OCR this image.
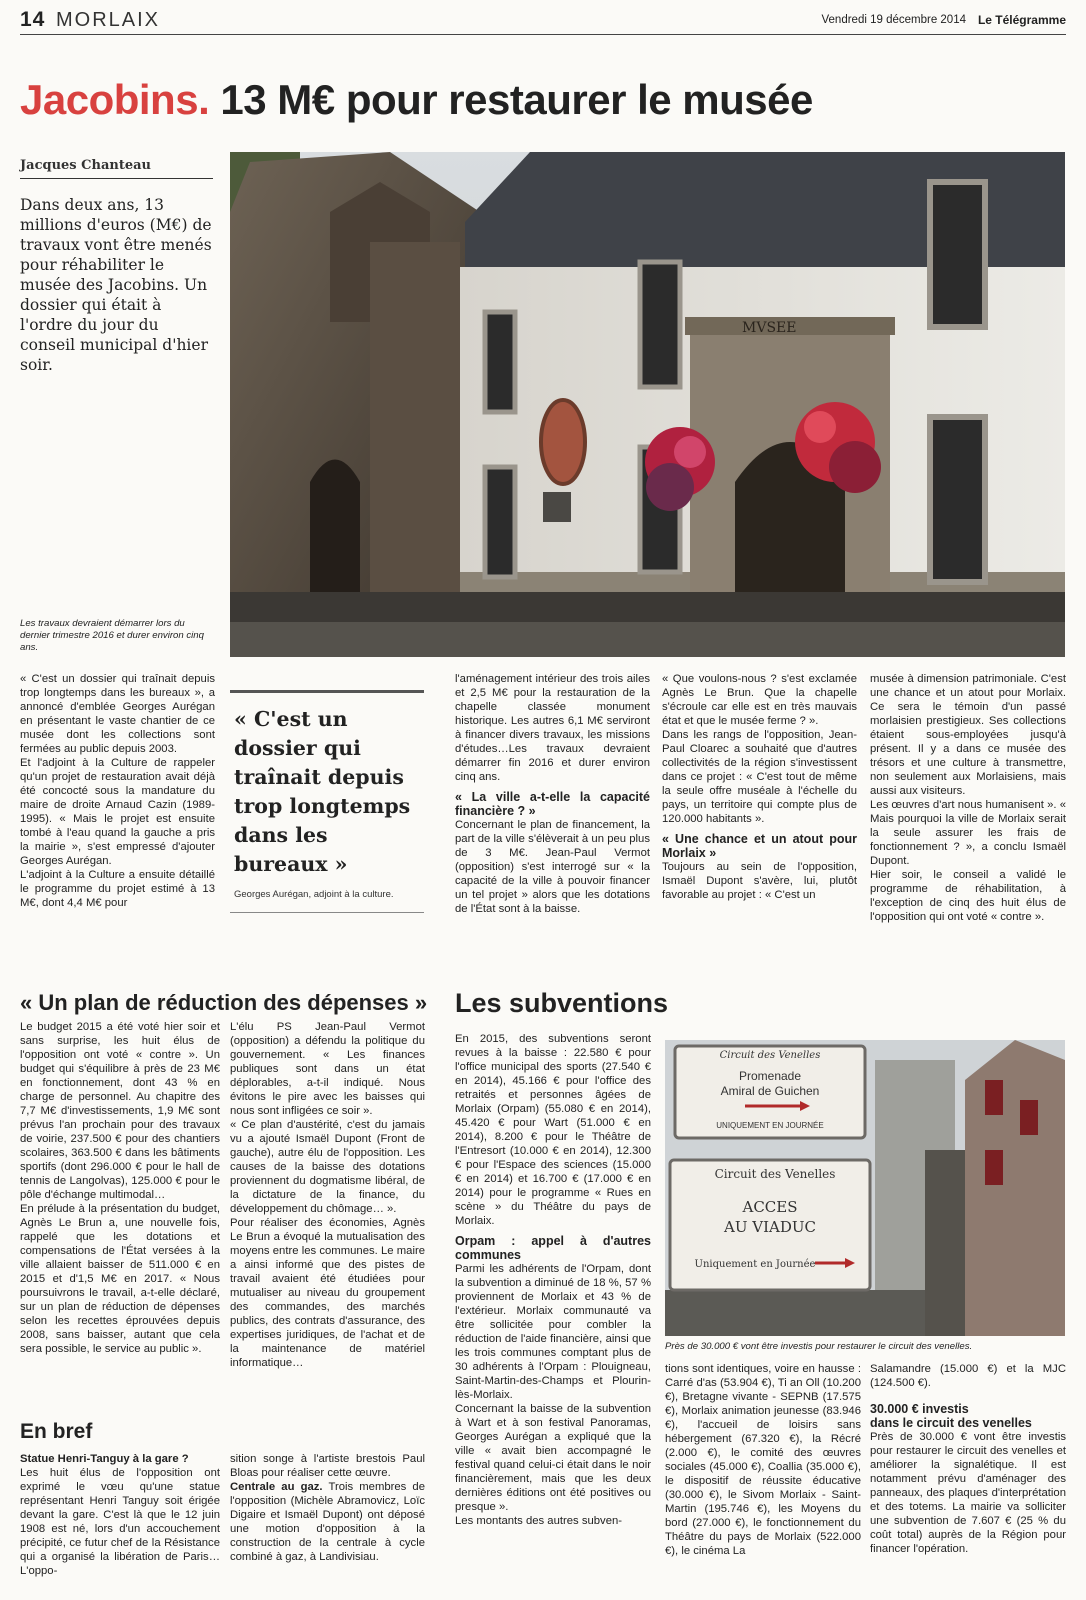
14 MORLAIX	Vendredi 19 décembre 2014 Le Télégramme
Jacobins. 13 M€ pour restaurer le musée
Jacques Chanteau
Dans deux ans, 13 millions d'euros (M€) de travaux vont être menés pour réhabiliter le musée des Jacobins. Un dossier qui était à l'ordre du jour du conseil municipal d'hier soir.
Les travaux devraient démarrer lors du dernier trimestre 2016 et durer environ cinq ans.
MVSEE

« C'est un dossier qui traînait depuis trop longtemps dans les bureaux », a annoncé d'emblée Georges Aurégan en présentant le vaste chantier de ce musée dont les collections sont fermées au public depuis 2003.

Et l'adjoint à la Culture de rappeler qu'un projet de restauration avait déjà été concocté sous la mandature du maire de droite Arnaud Cazin (1989-1995). « Mais le projet est ensuite tombé à l'eau quand la gauche a pris la mairie », s'est empressé d'ajouter Georges Aurégan.

L'adjoint à la Culture a ensuite détaillé le programme du projet estimé à 13 M€, dont 4,4 M€ pour

« C'est un dossier qui traînait depuis trop longtemps dans les bureaux »
Georges Aurégan, adjoint à la culture.

l'aménagement intérieur des trois ailes et 2,5 M€ pour la restauration de la chapelle classée monument historique. Les autres 6,1 M€ serviront à financer divers travaux, les missions d'études…Les travaux devraient démarrer fin 2016 et durer environ cinq ans.

« La ville a-t-elle la capacité financière ? »

Concernant le plan de financement, la part de la ville s'élèverait à un peu plus de 3 M€. Jean-Paul Vermot (opposition) s'est interrogé sur « la capacité de la ville à pouvoir financer un tel projet » alors que les dotations de l'État sont à la baisse.

« Que voulons-nous ? s'est exclamée Agnès Le Brun. Que la chapelle s'écroule car elle est en très mauvais état et que le musée ferme ? ».

Dans les rangs de l'opposition, Jean-Paul Cloarec a souhaité que d'autres collectivités de la région s'investissent dans ce projet : « C'est tout de même la seule offre muséale à l'échelle du pays, un territoire qui compte plus de 120.000 habitants ».

« Une chance et un atout pour Morlaix »

Toujours au sein de l'opposition, Ismaël Dupont s'avère, lui, plutôt favorable au projet : « C'est un

musée à dimension patrimoniale. C'est une chance et un atout pour Morlaix. Ce sera le témoin d'un passé morlaisien prestigieux. Ses collections étaient sous-employées jusqu'à présent. Il y a dans ce musée des trésors et une culture à transmettre, non seulement aux Morlaisiens, mais aussi aux visiteurs.

Les œuvres d'art nous humanisent ». « Mais pourquoi la ville de Morlaix serait la seule assurer les frais de fonctionnement ? », a conclu Ismaël Dupont.

Hier soir, le conseil a validé le programme de réhabilitation, à l'exception de cinq des huit élus de l'opposition qui ont voté « contre ».

« Un plan de réduction des dépenses »

Le budget 2015 a été voté hier soir et sans surprise, les huit élus de l'opposition ont voté « contre ». Un budget qui s'équilibre à près de 23 M€ en fonctionnement, dont 43 % en charge de personnel. Au chapitre des 7,7 M€ d'investissements, 1,9 M€ sont prévus l'an prochain pour des travaux de voirie, 237.500 € pour des chantiers scolaires, 363.500 € dans les bâtiments sportifs (dont 296.000 € pour le hall de tennis de Langolvas), 125.000 € pour le pôle d'échange multimodal…

En prélude à la présentation du budget, Agnès Le Brun a, une nouvelle fois, rappelé que les dotations et compensations de l'État versées à la ville allaient baisser de 511.000 € en 2015 et d'1,5 M€ en 2017. « Nous poursuivrons le travail, a-t-elle déclaré, sur un plan de réduction de dépenses selon les recettes éprouvées depuis 2008, sans baisser, autant que cela sera possible, le service au public ».

L'élu PS Jean-Paul Vermot (opposition) a défendu la politique du gouvernement. « Les finances publiques sont dans un état déplorables, a-t-il indiqué. Nous évitons le pire avec les baisses qui nous sont infligées ce soir ».

« Ce plan d'austérité, c'est du jamais vu a ajouté Ismaël Dupont (Front de gauche), autre élu de l'opposition. Les causes de la baisse des dotations proviennent du dogmatisme libéral, de la dictature de la finance, du développement du chômage… ».

Pour réaliser des économies, Agnès Le Brun a évoqué la mutualisation des moyens entre les communes. Le maire a ainsi informé que des pistes de travail avaient été étudiées pour mutualiser au niveau du groupement des commandes, des marchés publics, des contrats d'assurance, des expertises juridiques, de l'achat et de la maintenance de matériel informatique…

En bref

Statue Henri-Tanguy à la gare ?

Les huit élus de l'opposition ont exprimé le vœu qu'une statue représentant Henri Tanguy soit érigée devant la gare. C'est là que le 12 juin 1908 est né, lors d'un accouchement précipité, ce futur chef de la Résistance qui a organisé la libération de Paris… L'oppo-

sition songe à l'artiste brestois Paul Bloas pour réaliser cette œuvre.

Centrale au gaz. Trois membres de l'opposition (Michèle Abramovicz, Loïc Digaire et Ismaël Dupont) ont déposé une motion d'opposition à la construction de la centrale à cycle combiné à gaz, à Landivisiau.

Les subventions

En 2015, des subventions seront revues à la baisse : 22.580 € pour l'office municipal des sports (27.540 € en 2014), 45.166 € pour l'office des retraités et personnes âgées de Morlaix (Orpam) (55.080 € en 2014), 45.420 € pour Wart (51.000 € en 2014), 8.200 € pour le Théâtre de l'Entresort (10.000 € en 2014), 12.300 € pour l'Espace des sciences (15.000 € en 2014) et 16.700 € (17.000 € en 2014) pour le programme « Rues en scène » du Théâtre du pays de Morlaix.

Orpam : appel à d'autres communes

Parmi les adhérents de l'Orpam, dont la subvention a diminué de 18 %, 57 % proviennent de Morlaix et 43 % de l'extérieur. Morlaix communauté va être sollicitée pour combler la réduction de l'aide financière, ainsi que les trois communes comptant plus de 30 adhérents à l'Orpam : Plouigneau, Saint-Martin-des-Champs et Plourin-lès-Morlaix.

Concernant la baisse de la subvention à Wart et à son festival Panoramas, Georges Aurégan a expliqué que la ville « avait bien accompagné le festival quand celui-ci était dans le noir financièrement, mais que les deux dernières éditions ont été positives ou presque ».

Les montants des autres subven-

Circuit des Venelles
Promenade
Amiral de Guichen
UNIQUEMENT EN JOURNÉE
Circuit des Venelles
ACCES
AU VIADUC
Uniquement en Journée
Près de 30.000 € vont être investis pour restaurer le circuit des venelles.

tions sont identiques, voire en hausse : Carré d'as (53.904 €), Ti an Oll (10.200 €), Bretagne vivante - SEPNB (17.575 €), Morlaix animation jeunesse (83.946 €), l'accueil de loisirs sans hébergement (67.320 €), la Récré (2.000 €), le comité des œuvres sociales (45.000 €), Coallia (35.000 €), le dispositif de réussite éducative (30.000 €), le Sivom Morlaix - Saint-Martin (195.746 €), les Moyens du bord (27.000 €), le fonctionnement du Théâtre du pays de Morlaix (522.000 €), le cinéma La

Salamandre (15.000 €) et la MJC (124.500 €).

30.000 € investis

dans le circuit des venelles

Près de 30.000 € vont être investis pour restaurer le circuit des venelles et améliorer la signalétique. Il est notamment prévu d'aménager des panneaux, des plaques d'interprétation et des totems. La mairie va solliciter une subvention de 7.607 € (25 % du coût total) auprès de la Région pour financer l'opération.
